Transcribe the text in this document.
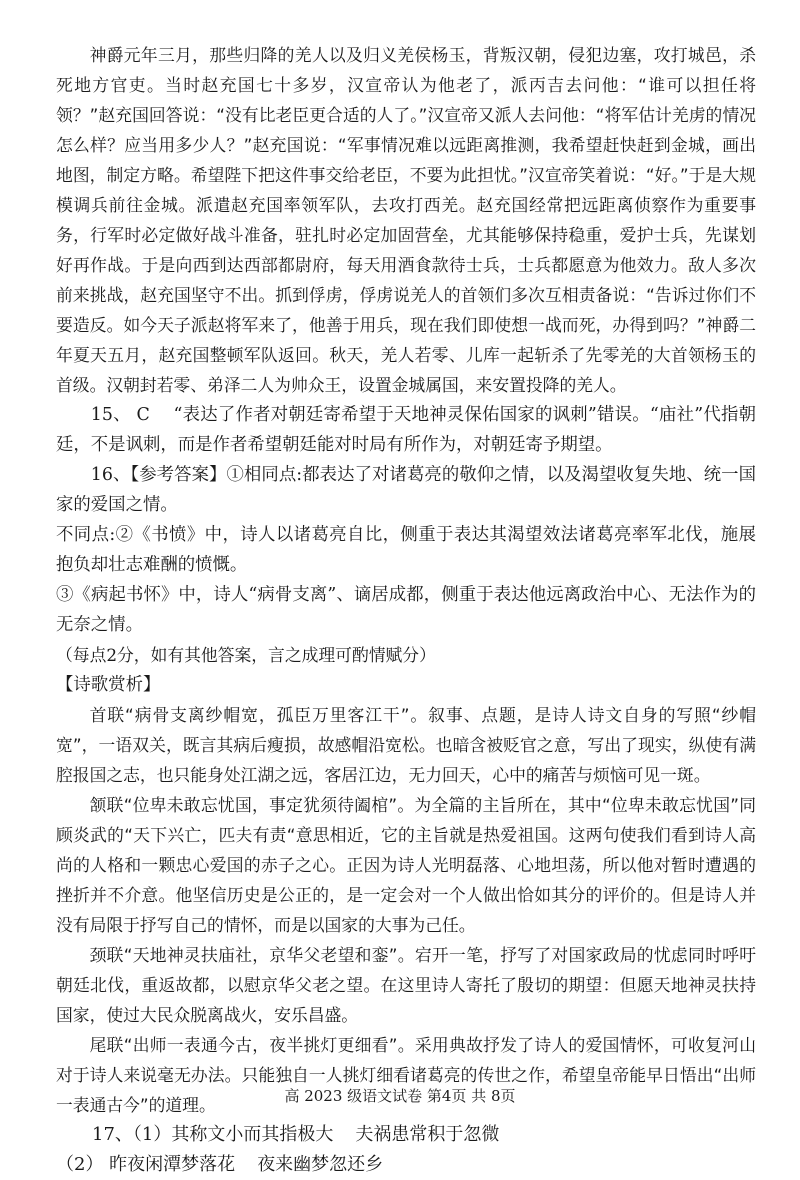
神爵元年三月，那些归降的羌人以及归义羌侯杨玉，背叛汉朝，侵犯边塞，攻打城邑，杀死地方官吏。当时赵充国七十多岁，汉宣帝认为他老了，派丙吉去问他：“谁可以担任将领？”赵充国回答说：“没有比老臣更合适的人了。”汉宣帝又派人去问他：“将军估计羌虏的情况怎么样？应当用多少人？”赵充国说：“军事情况难以远距离推测，我希望赶快赶到金城，画出地图，制定方略。希望陛下把这件事交给老臣，不要为此担忧。”汉宣帝笑着说：“好。”于是大规模调兵前往金城。派遣赵充国率领军队，去攻打西羌。赵充国经常把远距离侦察作为重要事务，行军时必定做好战斗准备，驻扎时必定加固营垒，尤其能够保持稳重，爱护士兵，先谋划好再作战。于是向西到达西部都尉府，每天用酒食款待士兵，士兵都愿意为他效力。敌人多次前来挑战，赵充国坚守不出。抓到俘虏，俘虏说羌人的首领们多次互相责备说：“告诉过你们不要造反。如今天子派赵将军来了，他善于用兵，现在我们即使想一战而死，办得到吗？”神爵二年夏天五月，赵充国整顿军队返回。秋天，羌人若零、儿库一起斩杀了先零羌的大首领杨玉的首级。汉朝封若零、弟泽二人为帅众王，设置金城属国，来安置投降的羌人。

15、 C　 “表达了作者对朝廷寄希望于天地神灵保佑国家的讽刺”错误。“庙社”代指朝廷，不是讽刺，而是作者希望朝廷能对时局有所作为，对朝廷寄予期望。

16、【参考答案】①相同点:都表达了对诸葛亮的敬仰之情，以及渴望收复失地、统一国家的爱国之情。

不同点:②《书愤》中，诗人以诸葛亮自比，侧重于表达其渴望效法诸葛亮率军北伐，施展抱负却壮志难酬的愤慨。

③《病起书怀》中，诗人“病骨支离”、谪居成都，侧重于表达他远离政治中心、无法作为的无奈之情。

（每点2分，如有其他答案，言之成理可酌情赋分）

【诗歌赏析】

首联“病骨支离纱帽宽，孤臣万里客江干”。叙事、点题，是诗人诗文自身的写照“纱帽宽”，一语双关，既言其病后瘦损，故感帽沿宽松。也暗含被贬官之意，写出了现实，纵使有满腔报国之志，也只能身处江湖之远，客居江边，无力回天，心中的痛苦与烦恼可见一斑。

颔联“位卑未敢忘忧国，事定犹须待阖棺”。为全篇的主旨所在，其中“位卑未敢忘忧国”同顾炎武的“天下兴亡，匹夫有责“意思相近，它的主旨就是热爱祖国。这两句使我们看到诗人高尚的人格和一颗忠心爱国的赤子之心。正因为诗人光明磊落、心地坦荡，所以他对暂时遭遇的挫折并不介意。他坚信历史是公正的，是一定会对一个人做出恰如其分的评价的。但是诗人并没有局限于抒写自己的情怀，而是以国家的大事为己任。

颈联“天地神灵扶庙社，京华父老望和銮”。宕开一笔，抒写了对国家政局的忧虑同时呼吁朝廷北伐，重返故都，以慰京华父老之望。在这里诗人寄托了殷切的期望：但愿天地神灵扶持国家，使过大民众脱离战火，安乐昌盛。

尾联“出师一表通今古，夜半挑灯更细看”。采用典故抒发了诗人的爱国情怀，可收复河山对于诗人来说毫无办法。只能独自一人挑灯细看诸葛亮的传世之作，希望皇帝能早日悟出“出师一表通古今”的道理。

17、（1）其称文小而其指极大 夫祸患常积于忽微

（2） 昨夜闲潭梦落花 夜来幽梦忽还乡

高 2023 级语文试卷 第4页 共 8页
